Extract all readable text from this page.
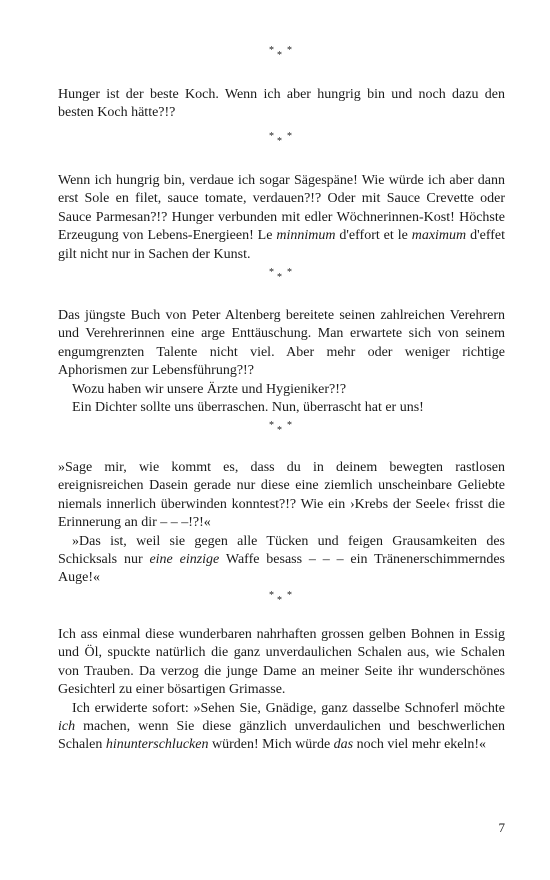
* * *

Hunger ist der beste Koch. Wenn ich aber hungrig bin und noch dazu den besten Koch hätte?!?

* * *

Wenn ich hungrig bin, verdaue ich sogar Sägespäne! Wie würde ich aber dann erst Sole en filet, sauce tomate, verdauen?!? Oder mit Sauce Crevette oder Sauce Parmesan?!? Hunger verbunden mit edler Wöchnerinnen-Kost! Höchste Erzeugung von Lebens-Energieen! Le minnimum d'effort et le maximum d'effet gilt nicht nur in Sachen der Kunst.

* * *

Das jüngste Buch von Peter Altenberg bereitete seinen zahlreichen Verehrern und Verehrerinnen eine arge Enttäuschung. Man erwartete sich von seinem engumgrenzten Talente nicht viel. Aber mehr oder weniger richtige Aphorismen zur Lebensführung?!?

Wozu haben wir unsere Ärzte und Hygieniker?!?

Ein Dichter sollte uns überraschen. Nun, überrascht hat er uns!

* * *

»Sage mir, wie kommt es, dass du in deinem bewegten rastlosen ereignisreichen Dasein gerade nur diese eine ziemlich unscheinbare Geliebte niemals innerlich überwinden konntest?!? Wie ein ›Krebs der Seele‹ frisst die Erinnerung an dir – – –!?!«

»Das ist, weil sie gegen alle Tücken und feigen Grausamkeiten des Schicksals nur eine einzige Waffe besass – – – ein Tränenerschimmerndes Auge!«

* * *

Ich ass einmal diese wunderbaren nahrhaften grossen gelben Bohnen in Essig und Öl, spuckte natürlich die ganz unverdaulichen Schalen aus, wie Schalen von Trauben. Da verzog die junge Dame an meiner Seite ihr wunderschönes Gesichterl zu einer bösartigen Grimasse.

Ich erwiderte sofort: »Sehen Sie, Gnädige, ganz dasselbe Schnoferl möchte ich machen, wenn Sie diese gänzlich unverdaulichen und beschwerlichen Schalen hinunterschlucken würden! Mich würde das noch viel mehr ekeln!«

7
